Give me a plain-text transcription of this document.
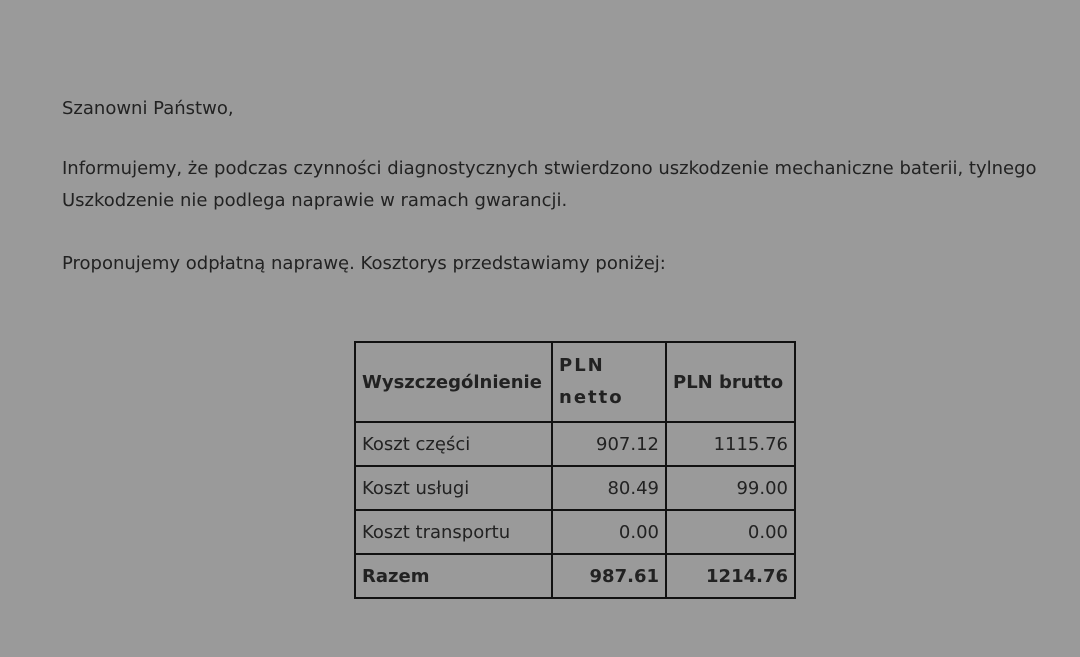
Szanowni Państwo,

Informujemy, że podczas czynności diagnostycznych stwierdzono uszkodzenie mechaniczne baterii, tylnego

Uszkodzenie nie podlega naprawie w ramach gwarancji.

Proponujemy odpłatną naprawę. Kosztorys przedstawiamy poniżej:

Wyszczególnienie	PLN netto	PLN brutto
Koszt części	907.12	1115.76
Koszt usługi	80.49	99.00
Koszt transportu	0.00	0.00
Razem	987.61	1214.76
